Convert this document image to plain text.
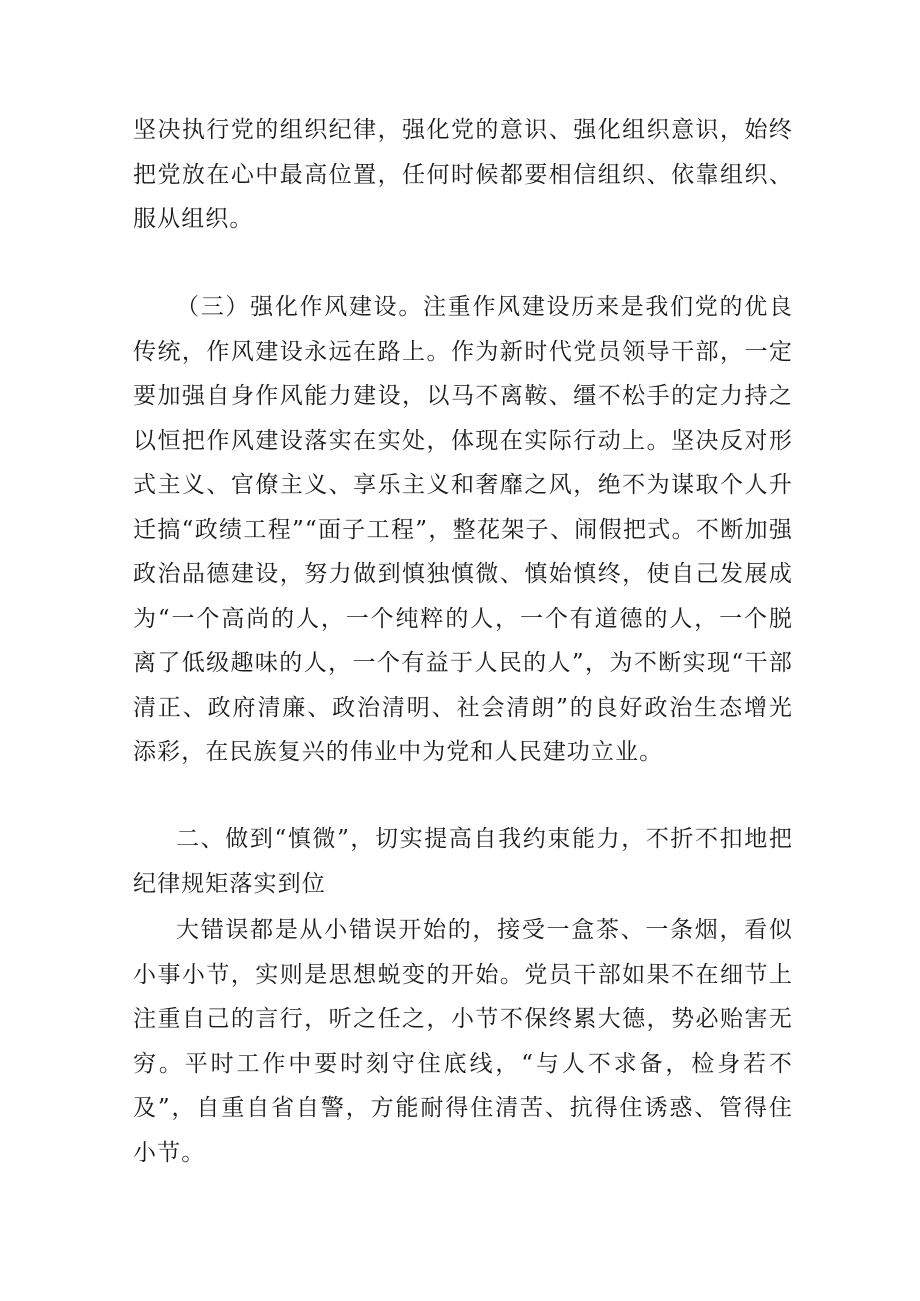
坚决执行党的组织纪律，强化党的意识、强化组织意识，始终把党放在心中最高位置，任何时候都要相信组织、依靠组织、服从组织。

（三）强化作风建设。注重作风建设历来是我们党的优良传统，作风建设永远在路上。作为新时代党员领导干部，一定要加强自身作风能力建设，以马不离鞍、缰不松手的定力持之以恒把作风建设落实在实处，体现在实际行动上。坚决反对形式主义、官僚主义、享乐主义和奢靡之风，绝不为谋取个人升迁搞“政绩工程”“面子工程”，整花架子、闹假把式。不断加强政治品德建设，努力做到慎独慎微、慎始慎终，使自己发展成为“一个高尚的人，一个纯粹的人，一个有道德的人，一个脱离了低级趣味的人，一个有益于人民的人”，为不断实现“干部清正、政府清廉、政治清明、社会清朗”的良好政治生态增光添彩，在民族复兴的伟业中为党和人民建功立业。

二、做到“慎微”，切实提高自我约束能力，不折不扣地把纪律规矩落实到位

大错误都是从小错误开始的，接受一盒茶、一条烟，看似小事小节，实则是思想蜕变的开始。党员干部如果不在细节上注重自己的言行，听之任之，小节不保终累大德，势必贻害无穷。平时工作中要时刻守住底线，“与人不求备，检身若不及”，自重自省自警，方能耐得住清苦、抗得住诱惑、管得住小节。
